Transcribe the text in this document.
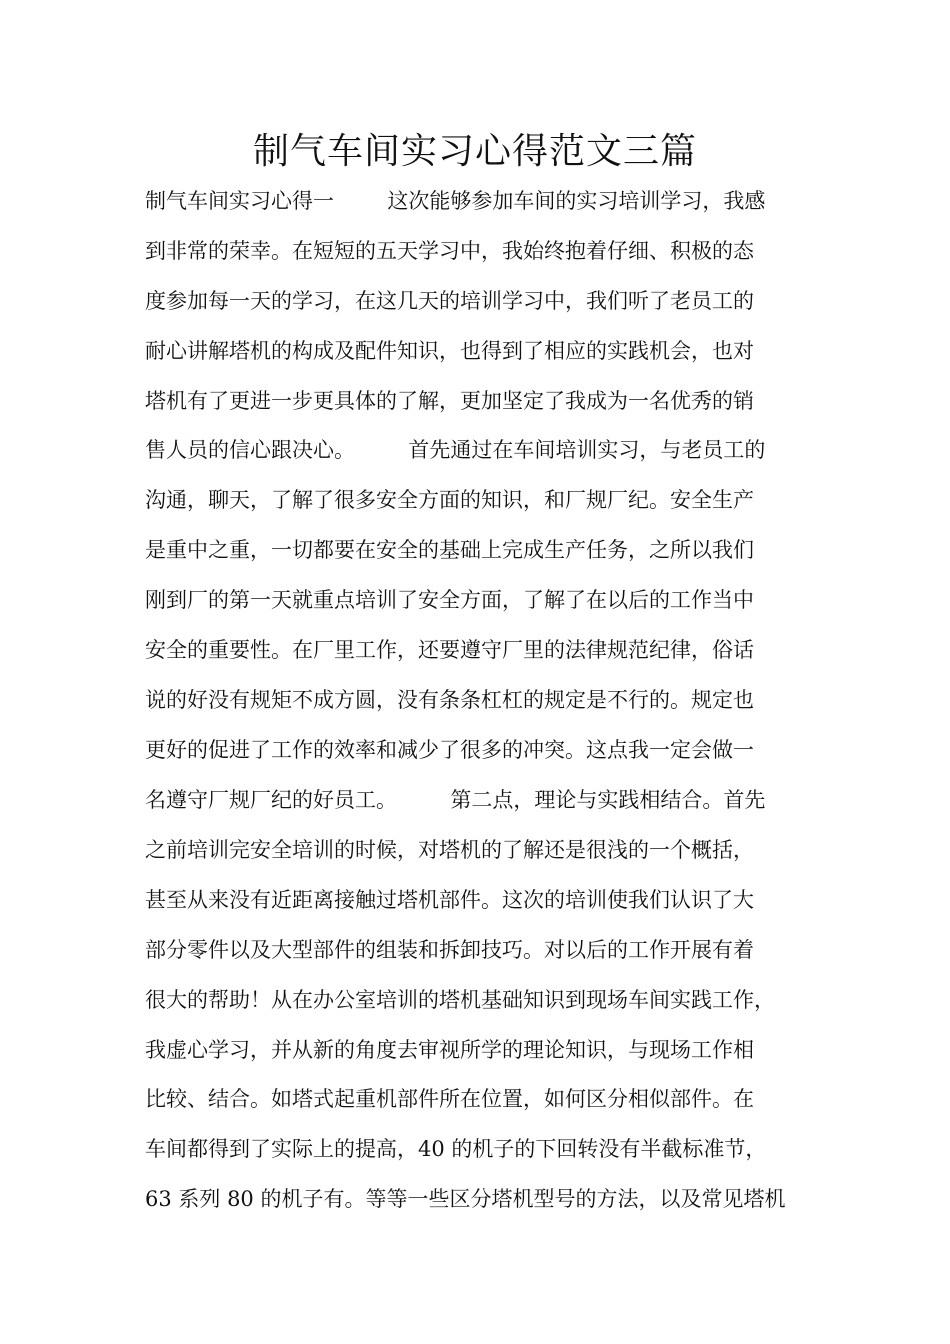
制气车间实习心得范文三篇
制气车间实习心得一        这次能够参加车间的实习培训学习，我感
到非常的荣幸。在短短的五天学习中，我始终抱着仔细、积极的态
度参加每一天的学习，在这几天的培训学习中，我们听了老员工的
耐心讲解塔机的构成及配件知识，也得到了相应的实践机会，也对
塔机有了更进一步更具体的了解，更加坚定了我成为一名优秀的销
售人员的信心跟决心。        首先通过在车间培训实习，与老员工的
沟通，聊天，了解了很多安全方面的知识，和厂规厂纪。安全生产
是重中之重，一切都要在安全的基础上完成生产任务，之所以我们
刚到厂的第一天就重点培训了安全方面，了解了在以后的工作当中
安全的重要性。在厂里工作，还要遵守厂里的法律规范纪律，俗话
说的好没有规矩不成方圆，没有条条杠杠的规定是不行的。规定也
更好的促进了工作的效率和减少了很多的冲突。这点我一定会做一
名遵守厂规厂纪的好员工。        第二点，理论与实践相结合。首先
之前培训完安全培训的时候，对塔机的了解还是很浅的一个概括，
甚至从来没有近距离接触过塔机部件。这次的培训使我们认识了大
部分零件以及大型部件的组装和拆卸技巧。对以后的工作开展有着
很大的帮助！从在办公室培训的塔机基础知识到现场车间实践工作，
我虚心学习，并从新的角度去审视所学的理论知识，与现场工作相
比较、结合。如塔式起重机部件所在位置，如何区分相似部件。在
车间都得到了实际上的提高，40 的机子的下回转没有半截标准节，
63 系列 80 的机子有。等等一些区分塔机型号的方法，以及常见塔机
